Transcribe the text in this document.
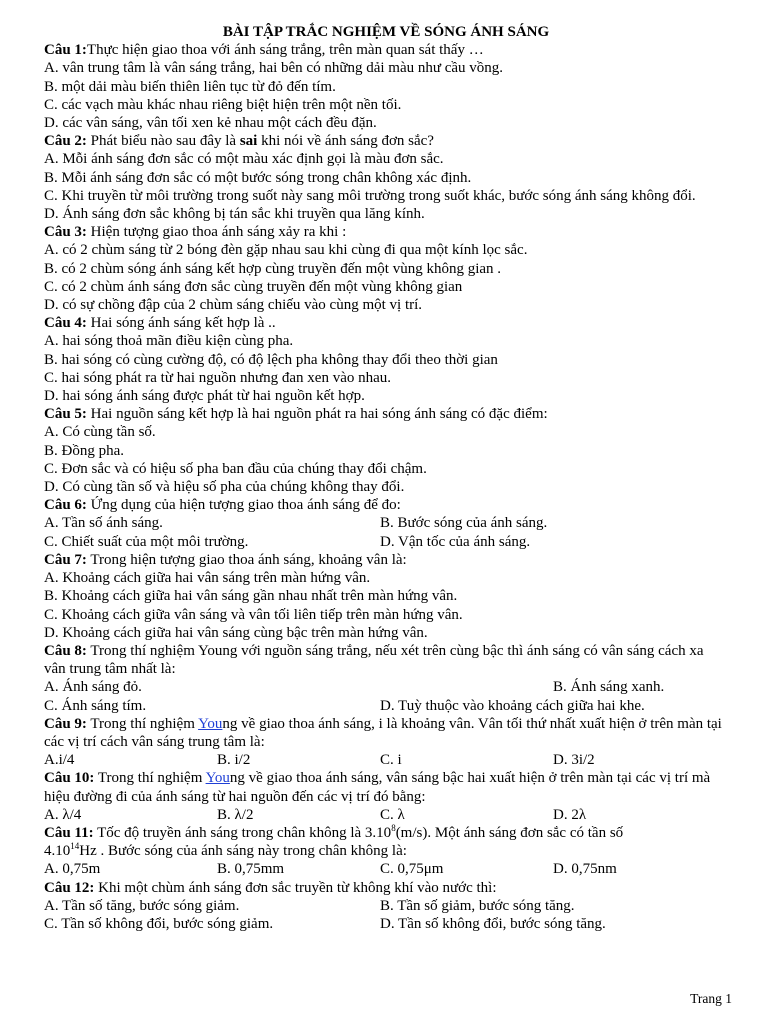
BÀI TẬP TRẮC NGHIỆM VỀ SÓNG ÁNH SÁNG
Câu 1:Thực hiện giao thoa với ánh sáng trắng, trên màn quan sát thấy …
A. vân trung tâm là vân sáng trắng, hai bên có những dải màu như cầu vồng.
B. một dải màu biến thiên liên tục từ đỏ đến tím.
C. các vạch màu khác nhau riêng biệt hiện trên một nền tối.
D. các vân sáng, vân tối xen kẻ nhau một cách đều đặn.
Câu 2: Phát biểu nào sau đây là sai khi nói về ánh sáng đơn sắc?
A. Mỗi ánh sáng đơn sắc có một màu xác định gọi là màu đơn sắc.
B. Mỗi ánh sáng đơn sắc có một bước sóng trong chân không xác định.
C. Khi truyền từ môi trường trong suốt này sang môi trường trong suốt khác, bước sóng ánh sáng không đổi.
D. Ánh sáng đơn sắc không bị tán sắc khi truyền qua lăng kính.
Câu 3: Hiện tượng giao thoa ánh sáng xảy ra khi :
A. có 2 chùm sáng từ 2 bóng đèn gặp nhau sau khi cùng đi qua một kính lọc sắc.
B. có 2 chùm sóng ánh sáng kết hợp cùng truyền đến một vùng không gian .
C. có 2 chùm ánh sáng đơn sắc cùng truyền đến một vùng không gian
D. có sự chồng đập của 2 chùm sáng chiếu vào cùng một vị trí.
Câu 4: Hai sóng ánh sáng kết hợp là ..
A. hai sóng thoả mãn điều kiện cùng pha.
B. hai sóng có cùng cường độ, có độ lệch pha không thay đổi theo thời gian
C. hai sóng phát ra từ hai nguồn nhưng đan xen vào nhau.
D. hai sóng ánh sáng được phát từ hai nguồn kết hợp.
Câu 5: Hai nguồn sáng kết hợp là hai nguồn phát ra hai sóng ánh sáng có đặc điểm:
A. Có cùng tần số.
B. Đồng pha.
C. Đơn sắc và có hiệu số pha ban đầu của chúng thay đổi chậm.
D. Có cùng tần số và hiệu số pha của chúng không thay đổi.
Câu 6: Ứng dụng của hiện tượng giao thoa ánh sáng để đo:
A. Tần số ánh sáng.	B. Bước sóng của ánh sáng.
C. Chiết suất của một môi trường.	D. Vận tốc của ánh sáng.
Câu 7: Trong hiện tượng giao thoa ánh sáng, khoảng vân là:
A. Khoảng cách giữa hai vân sáng trên màn hứng vân.
B. Khoảng cách giữa hai vân sáng gần nhau nhất trên màn hứng vân.
C. Khoảng cách giữa vân sáng và vân tối liên tiếp trên màn hứng vân.
D. Khoảng cách giữa hai vân sáng cùng bậc trên màn hứng vân.
Câu 8: Trong thí nghiệm Young với nguồn sáng trắng, nếu xét trên cùng bậc thì ánh sáng có vân sáng cách xa vân trung tâm nhất là:
A. Ánh sáng đỏ.	B. Ánh sáng xanh.
C. Ánh sáng tím.	D. Tuỳ thuộc vào khoảng cách giữa hai khe.
Câu 9: Trong thí nghiệm Young về giao thoa ánh sáng, i là khoảng vân. Vân tối thứ nhất xuất hiện ở trên màn tại các vị trí cách vân sáng trung tâm là:
A.i/4	B. i/2	C. i	D. 3i/2
Câu 10: Trong thí nghiệm Young về giao thoa ánh sáng, vân sáng bậc hai xuất hiện ở trên màn tại các vị trí mà hiệu đường đi của ánh sáng từ hai nguồn đến các vị trí đó bằng:
A. λ/4	B. λ/2	C. λ	D. 2λ
Câu 11: Tốc độ truyền ánh sáng trong chân không là 3.10$^8$(m/s). Một ánh sáng đơn sắc có tần số
4.10$^{14}$Hz . Bước sóng của ánh sáng này trong chân không là:
A. 0,75m	B. 0,75mm	C. 0,75μm	D. 0,75nm
Câu 12: Khi một chùm ánh sáng đơn sắc truyền từ không khí vào nước thì:
A. Tần số tăng, bước sóng giảm.	B. Tần số giảm, bước sóng tăng.
C. Tần số không đổi, bước sóng giảm.	D. Tần số không đổi, bước sóng tăng.
Trang 1
